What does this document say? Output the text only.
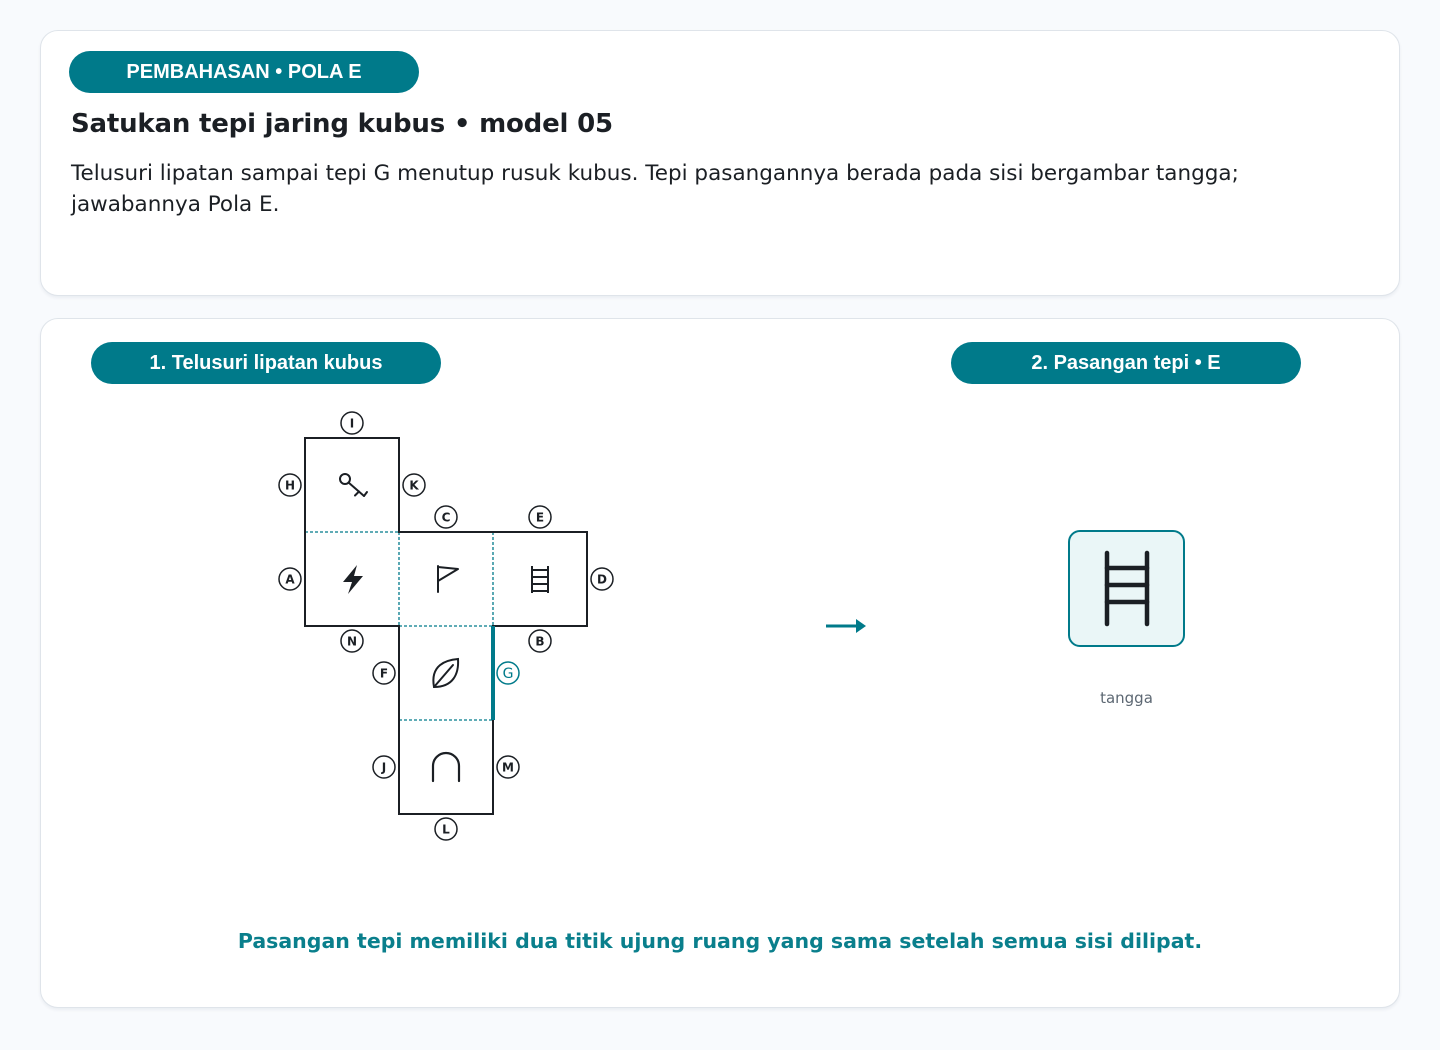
PEMBAHASAN • POLA E
Satukan tepi jaring kubus • model 05
Telusuri lipatan sampai tepi G menutup rusuk kubus. Tepi pasangannya berada pada sisi bergambar tangga; jawabannya Pola E.
1. Telusuri lipatan kubus	2. Pasangan tepi • E
I
H	K
C	E
A	D
N	B
F	G
J	M
L
tangga
Pasangan tepi memiliki dua titik ujung ruang yang sama setelah semua sisi dilipat.
